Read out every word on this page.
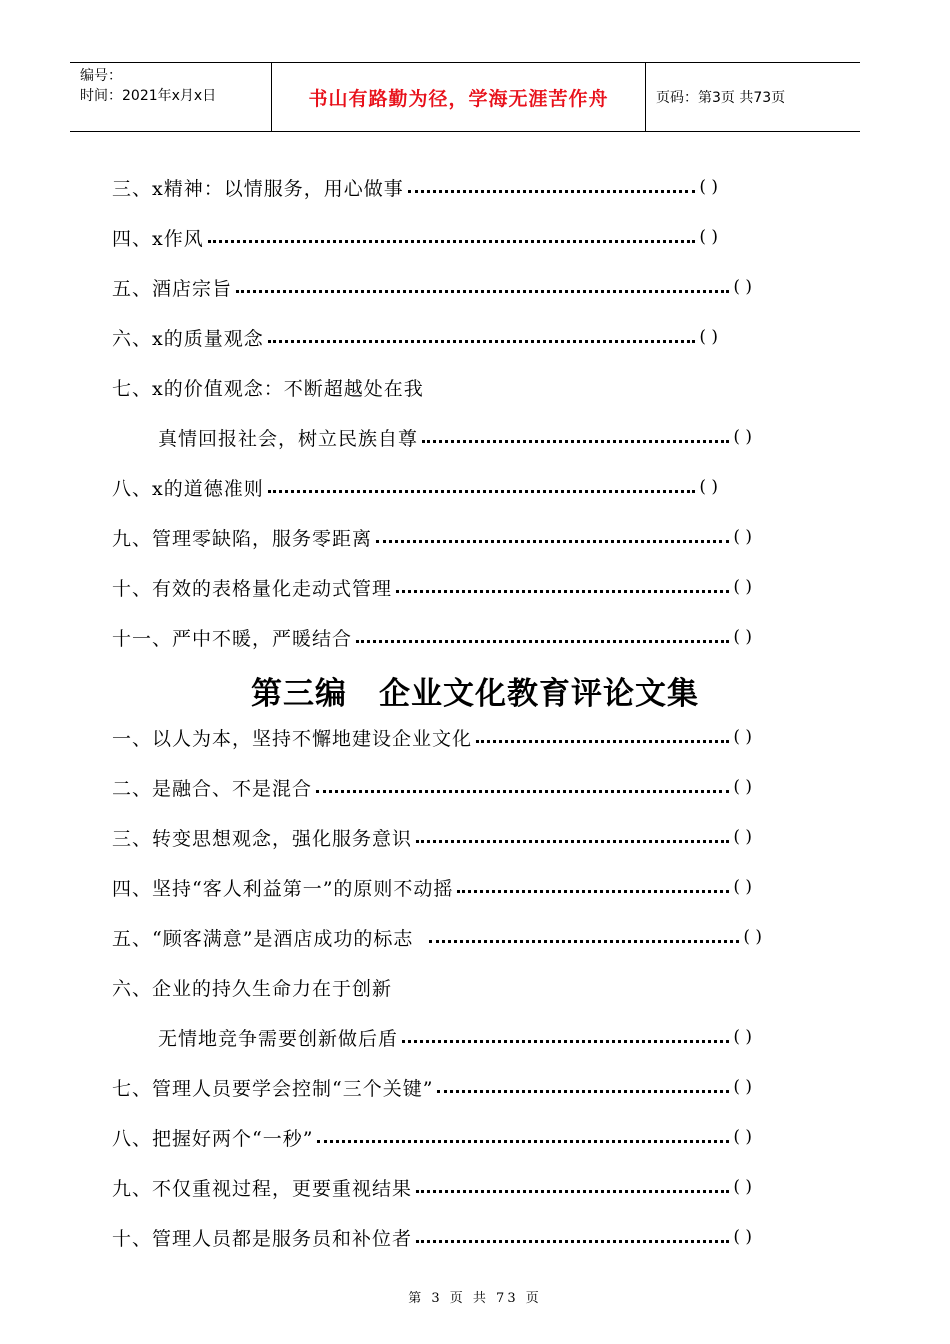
编号：
时间：2021年x月x日	书山有路勤为径，学海无涯苦作舟	页码：第3页 共73页
三、x精神：以情服务，用心做事	( )
四、x作风	( )
五、酒店宗旨	( )
六、x的质量观念	( )
七、x的价值观念：不断超越处在我
真情回报社会，树立民族自尊	( )
八、x的道德准则	( )
九、管理零缺陷，服务零距离	( )
十、有效的表格量化走动式管理	( )
十一、严中不暖，严暖结合	( )
第三编　企业文化教育评论文集
一、以人为本，坚持不懈地建设企业文化	( )
二、是融合、不是混合	( )
三、转变思想观念，强化服务意识	( )
四、坚持“客人利益第一”的原则不动摇	( )
五、“顾客满意”是酒店成功的标志	( )
六、企业的持久生命力在于创新
无情地竞争需要创新做后盾	( )
七、管理人员要学会控制“三个关键”	( )
八、把握好两个“一秒”	( )
九、不仅重视过程，更要重视结果	( )
十、管理人员都是服务员和补位者	( )
第 3 页 共 73 页
